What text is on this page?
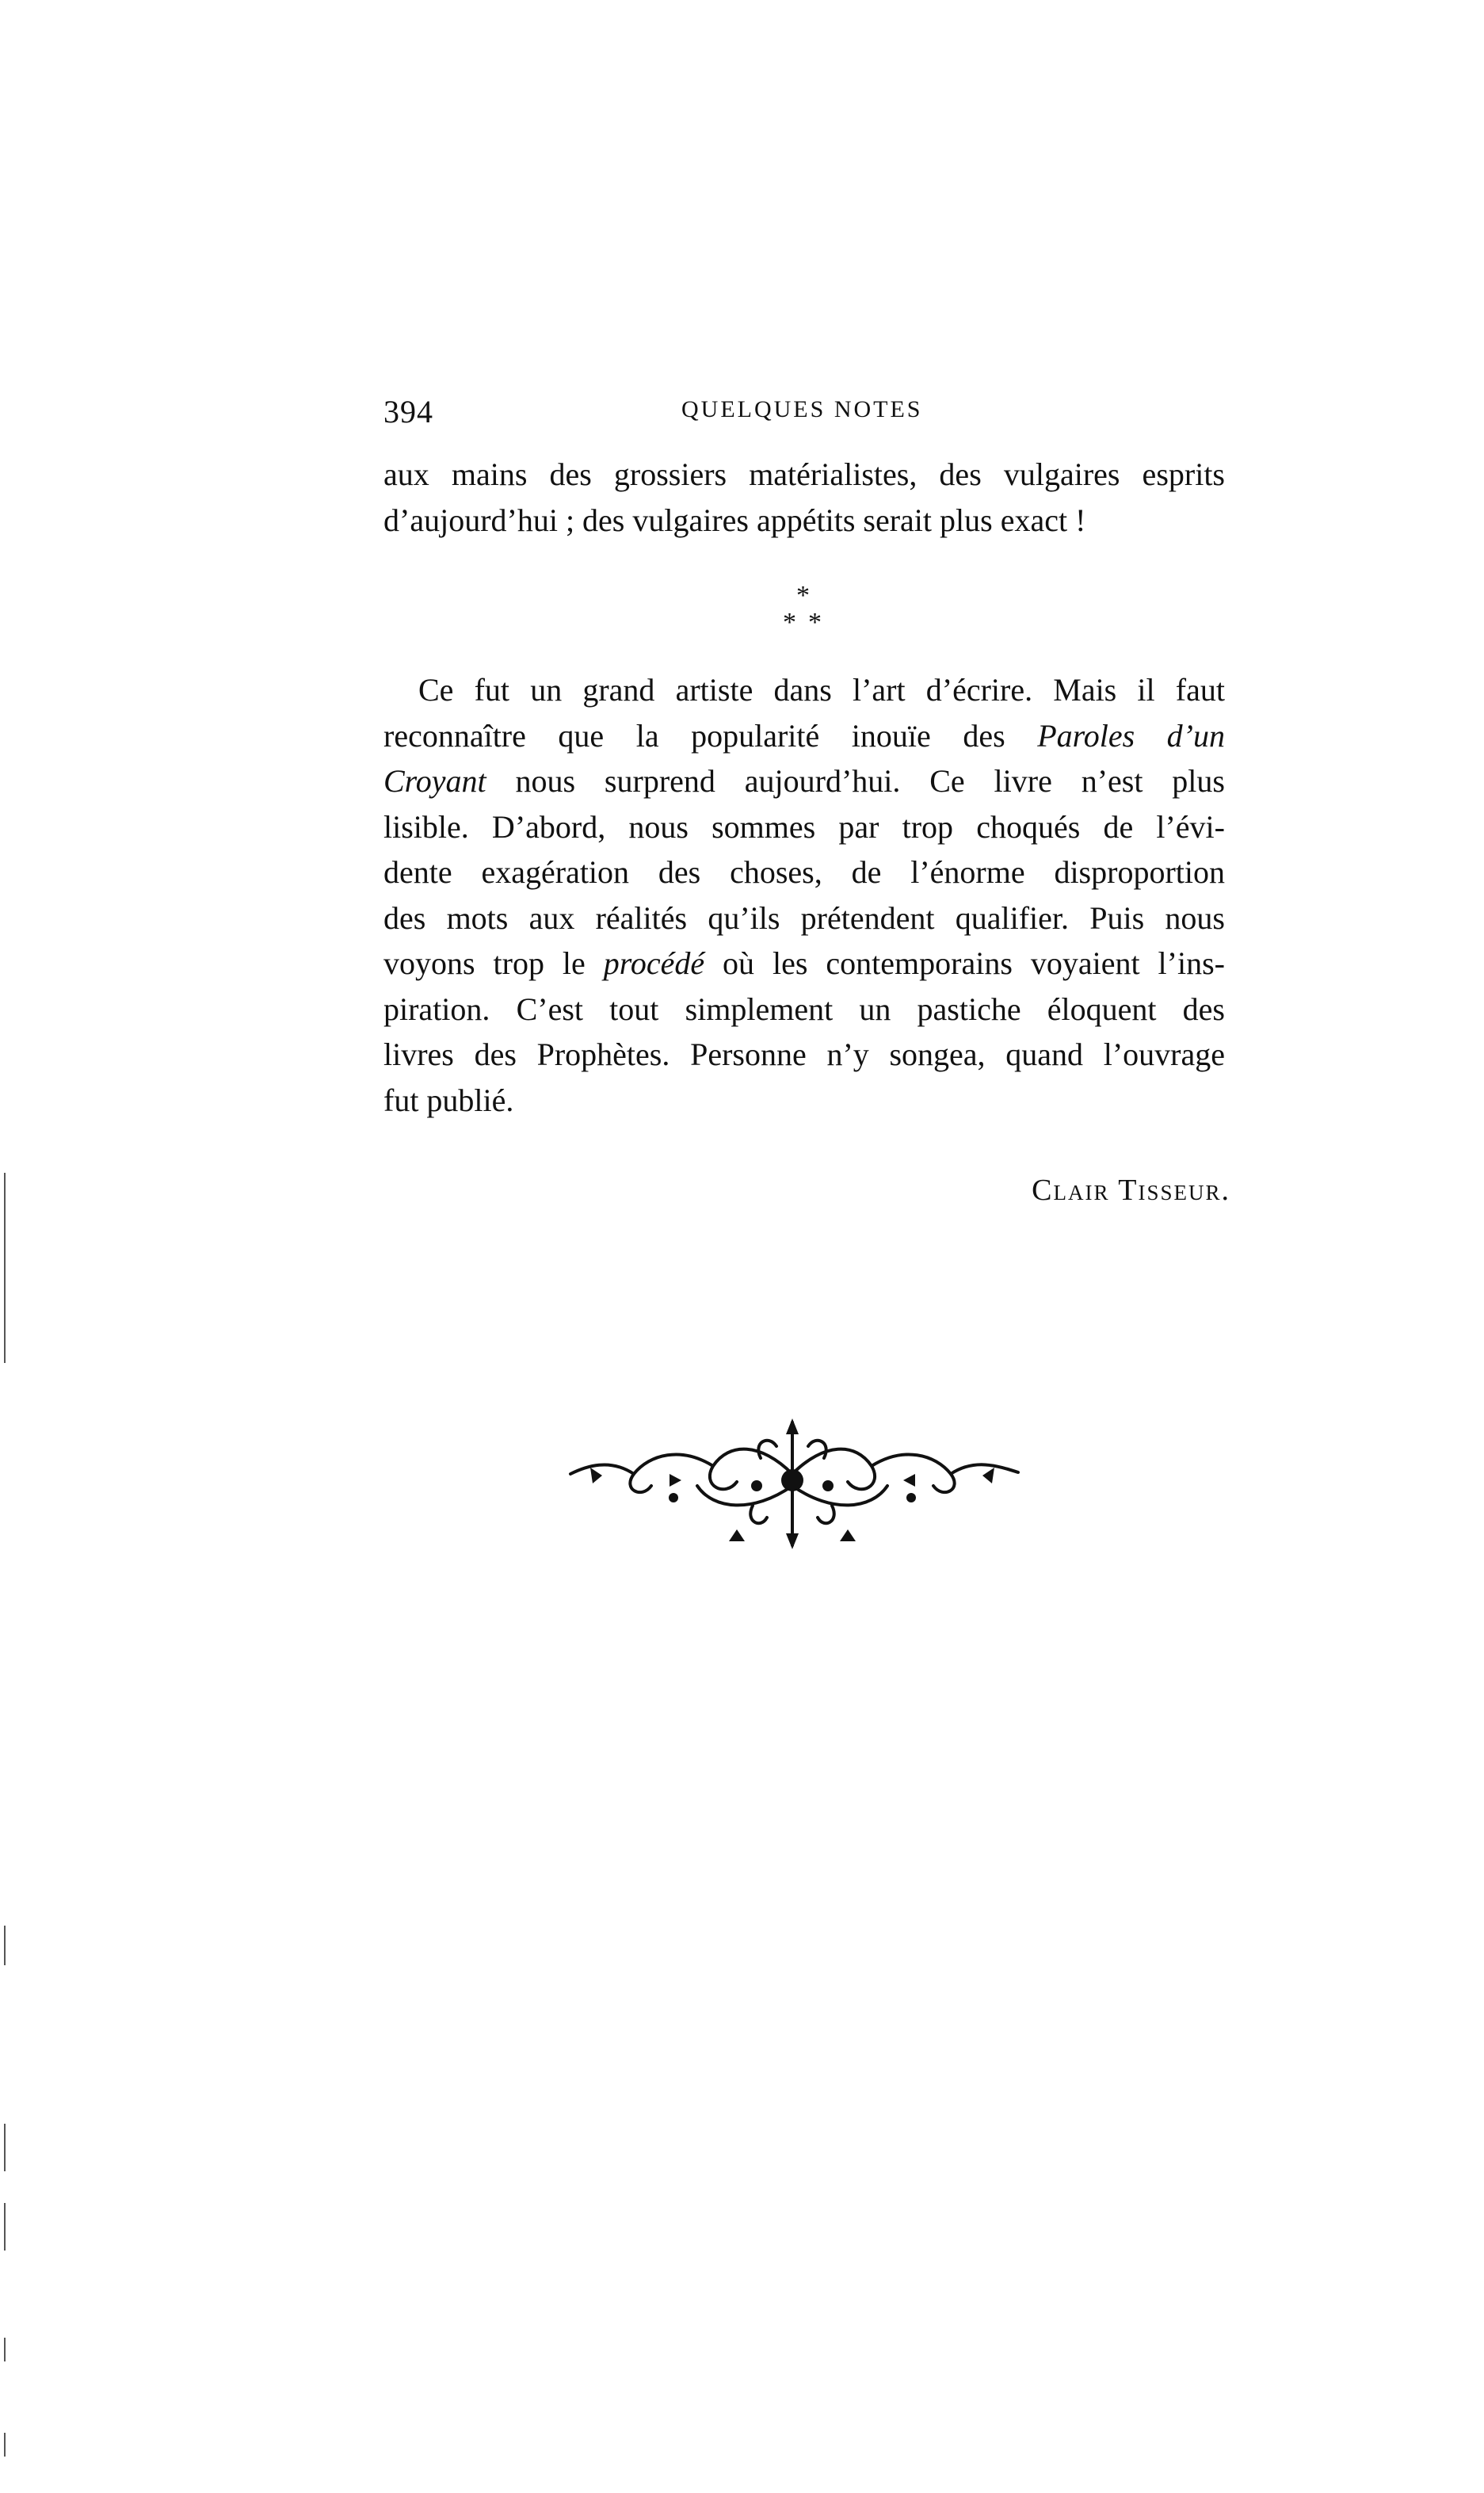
394	QUELQUES NOTES
aux mains des grossiers matérialistes, des vulgaires esprits
d’aujourd’hui ; des vulgaires appétits serait plus exact !
*
* *
Ce fut un grand artiste dans l’art d’écrire. Mais il faut
reconnaître que la popularité inouïe des Paroles d’un
Croyant nous surprend aujourd’hui. Ce livre n’est plus
lisible. D’abord, nous sommes par trop choqués de l’évi-
dente exagération des choses, de l’énorme disproportion
des mots aux réalités qu’ils prétendent qualifier. Puis nous
voyons trop le procédé où les contemporains voyaient l’ins-
piration. C’est tout simplement un pastiche éloquent des
livres des Prophètes. Personne n’y songea, quand l’ouvrage
fut publié.
Clair Tisseur.
